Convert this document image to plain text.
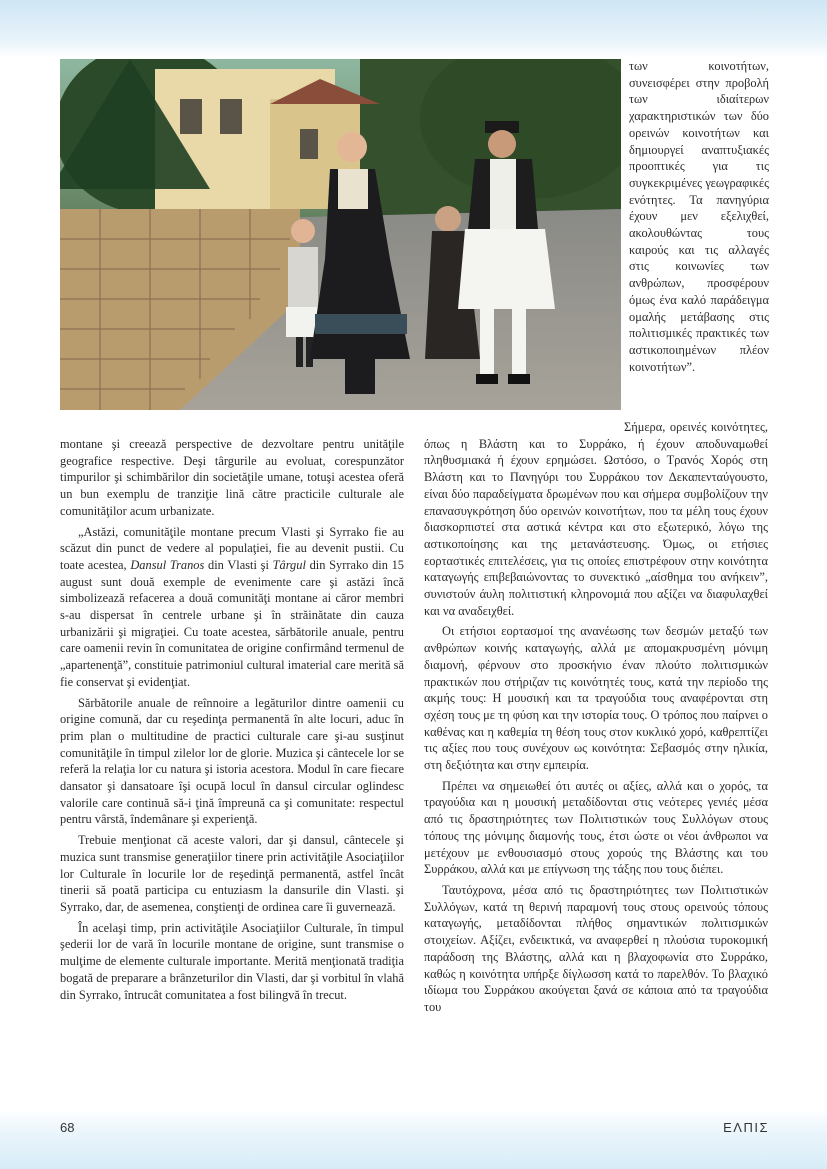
των κοινοτήτων, συνεισφέρει στην προβολή των ιδιαίτερων χαρακτηριστικών των δύο ορεινών κοινοτήτων και δημιουργεί αναπτυξιακές προοπτικές για τις συγκεκριμένες γεωγραφικές ενότητες. Τα πανηγύρια έχουν μεν εξελιχθεί, ακολουθώντας τους καιρούς και τις αλλαγές στις κοινωνίες των ανθρώπων, προσφέρουν όμως ένα καλό παράδειγμα ομαλής μετάβασης στις πολιτισμικές πρακτικές των αστικοποιημένων πλέον κοινοτήτων”.

montane şi creează perspective de dezvoltare pentru unităţile geografice respective. Deşi târgurile au evoluat, corespunzător timpurilor şi schimbărilor din societăţile umane, totuşi acestea oferă un bun exemplu de tranziţie lină către practicile culturale ale comunităţilor acum urbanizate.

„Astăzi, comunităţile montane precum Vlasti şi Syrrako fie au scăzut din punct de vedere al populaţiei, fie au devenit pustii. Cu toate acestea, Dansul Tranos din Vlasti şi Târgul din Syrrako din 15 august sunt două exemple de evenimente care şi astăzi încă simbolizează refacerea a două comunităţi montane ai căror membri s-au dispersat în centrele urbane şi în străinătate din cauza urbanizării şi migraţiei. Cu toate acestea, sărbătorile anuale, pentru care oamenii revin în comunitatea de origine confirmând termenul de „apartenenţă”, constituie patrimoniul cultural imaterial care merită să fie conservat şi evidenţiat.

Sărbătorile anuale de reînnoire a legăturilor dintre oamenii cu origine comună, dar cu reşedinţa permanentă în alte locuri, aduc în prim plan o multitudine de practici culturale care şi-au susţinut comunităţile în timpul zilelor lor de glorie. Muzica şi cântecele lor se referă la relaţia lor cu natura şi istoria acestora. Modul în care fiecare dansator şi dansatoare îşi ocupă locul în dansul circular oglindesc valorile care continuă să-i ţină împreună ca şi comunitate: respectul pentru vârstă, îndemânare şi experienţă.

Trebuie menţionat că aceste valori, dar şi dansul, cântecele şi muzica sunt transmise generaţiilor tinere prin activităţile Asociaţiilor lor Culturale în locurile lor de reşedinţă permanentă, astfel încât tinerii să poată participa cu entuziasm la dansurile din Vlasti. şi Syrrako, dar, de asemenea, conştienţi de ordinea care îi guvernează.

În acelaşi timp, prin activităţile Asociaţiilor Culturale, în timpul şederii lor de vară în locurile montane de origine, sunt transmise o mulţime de elemente culturale importante. Merită menţionată tradiţia bogată de preparare a brânzeturilor din Vlasti, dar şi vorbitul în vlahă din Syrrako, întrucât comunitatea a fost bilingvă în trecut.

Σήμερα, ορεινές κοινότητες, όπως η Βλάστη και το Συρράκο, ή έχουν αποδυναμωθεί πληθυσμιακά ή έχουν ερημώσει. Ωστόσο, ο Τρανός Χορός στη Βλάστη και το Πανηγύρι του Συρράκου τον Δεκαπενταύγουστο, είναι δύο παραδείγματα δρωμένων που και σήμερα συμβολίζουν την επανασυγκρότηση δύο ορεινών κοινοτήτων, που τα μέλη τους έχουν διασκορπιστεί στα αστικά κέντρα και στο εξωτερικό, λόγω της αστικοποίησης και της μετανάστευσης. Όμως, οι ετήσιες εορταστικές επιτελέσεις, για τις οποίες επιστρέφουν στην κοινότητα καταγωγής επιβεβαιώνοντας το συνεκτικό „αίσθημα του ανήκειν”, συνιστούν άυλη πολιτιστική κληρονομιά που αξίζει να διαφυλαχθεί και να αναδειχθεί.

Οι ετήσιοι εορτασμοί της ανανέωσης των δεσμών μεταξύ των ανθρώπων κοινής καταγωγής, αλλά με απομακρυσμένη μόνιμη διαμονή, φέρνουν στο προσκήνιο έναν πλούτο πολιτισμικών πρακτικών που στήριζαν τις κοινότητές τους, κατά την περίοδο της ακμής τους: Η μουσική και τα τραγούδια τους αναφέρονται στη σχέση τους με τη φύση και την ιστορία τους. Ο τρόπος που παίρνει ο καθένας και η καθεμία τη θέση τους στον κυκλικό χορό, καθρεπτίζει τις αξίες που τους συνέχουν ως κοινότητα: Σεβασμός στην ηλικία, στη δεξιότητα και στην εμπειρία.

Πρέπει να σημειωθεί ότι αυτές οι αξίες, αλλά και ο χορός, τα τραγούδια και η μουσική μεταδίδονται στις νεότερες γενιές μέσα από τις δραστηριότητες των Πολιτιστικών τους Συλλόγων στους τόπους της μόνιμης διαμονής τους, έτσι ώστε οι νέοι άνθρωποι να μετέχουν με ενθουσιασμό στους χορούς της Βλάστης και του Συρράκου, αλλά και με επίγνωση της τάξης που τους διέπει.

Ταυτόχρονα, μέσα από τις δραστηριότητες των Πολιτιστικών Συλλόγων, κατά τη θερινή παραμονή τους στους ορεινούς τόπους καταγωγής, μεταδίδονται πλήθος σημαντικών πολιτισμικών στοιχείων. Αξίζει, ενδεικτικά, να αναφερθεί η πλούσια τυροκομική παράδοση της Βλάστης, αλλά και η βλαχοφωνία στο Συρράκο, καθώς η κοινότητα υπήρξε δίγλωσση κατά το παρελθόν. Το βλαχικό ιδίωμα του Συρράκου ακούγεται ξανά σε κάποια από τα τραγούδια του

68	ΕΛΠΙΣ
